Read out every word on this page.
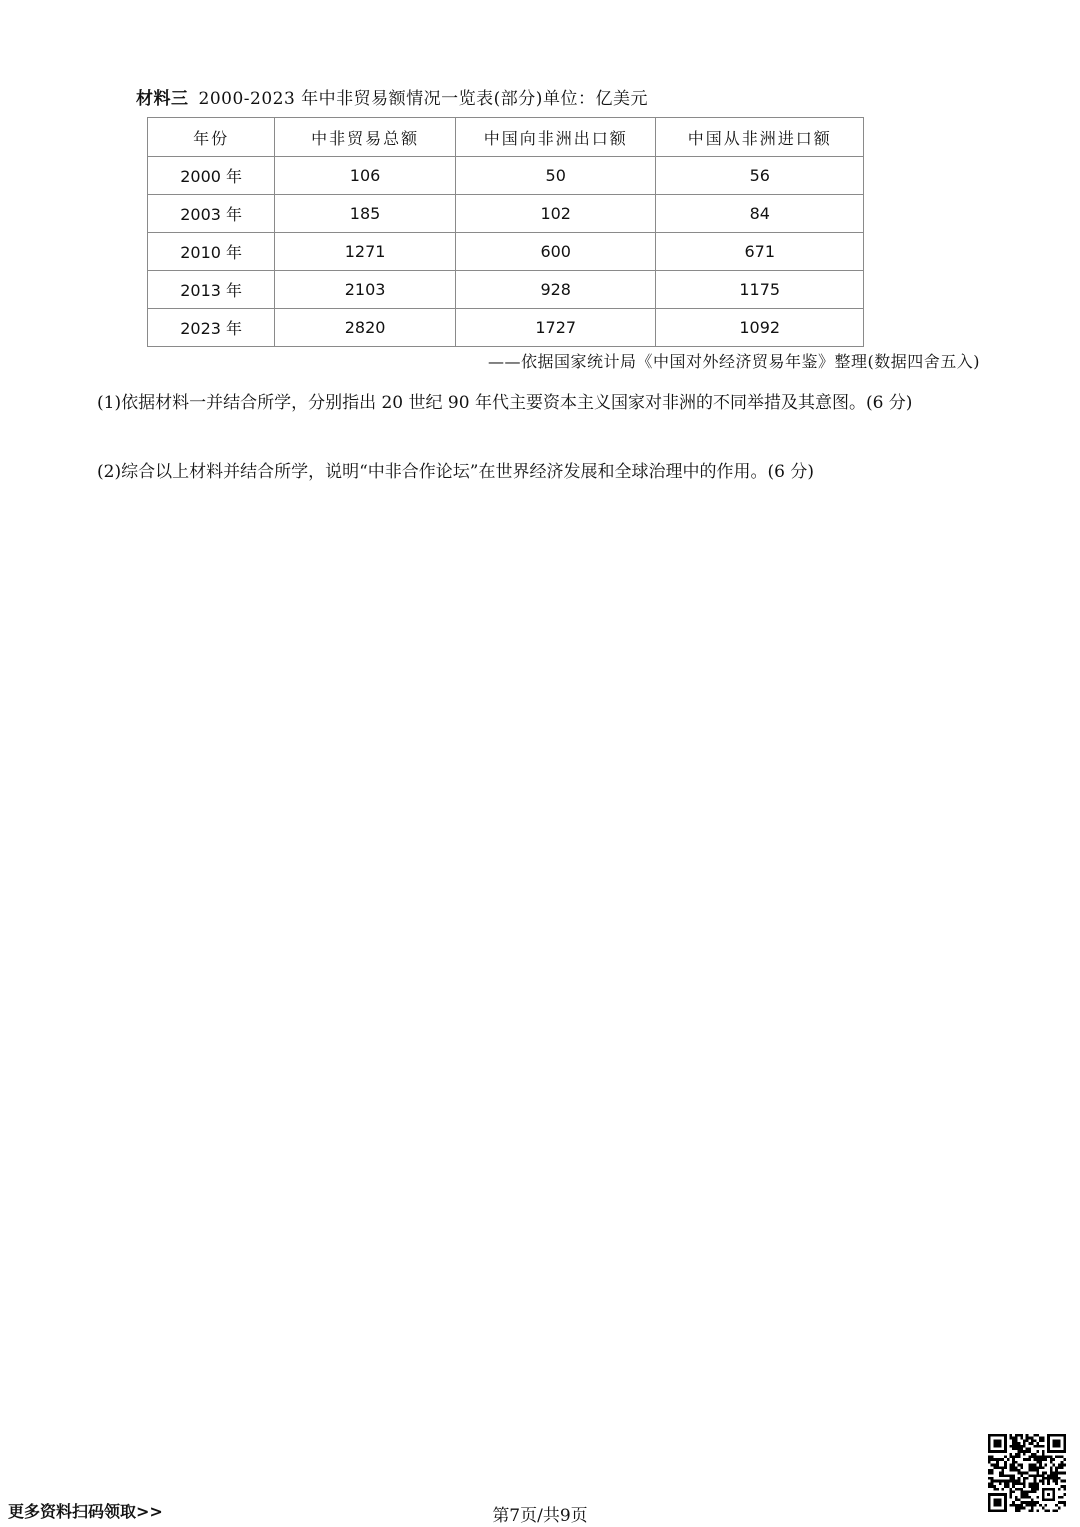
材料三 2000-2023 年中非贸易额情况一览表(部分)单位：亿美元
年份	中非贸易总额	中国向非洲出口额	中国从非洲进口额
2000 年	106	50	56
2003 年	185	102	84
2010 年	1271	600	671
2013 年	2103	928	1175
2023 年	2820	1727	1092
——依据国家统计局《中国对外经济贸易年鉴》整理(数据四舍五入)
(1)依据材料一并结合所学，分别指出 20 世纪 90 年代主要资本主义国家对非洲的不同举措及其意图。(6 分)
(2)综合以上材料并结合所学，说明“中非合作论坛”在世界经济发展和全球治理中的作用。(6 分)
更多资料扫码领取>>	第7页/共9页
